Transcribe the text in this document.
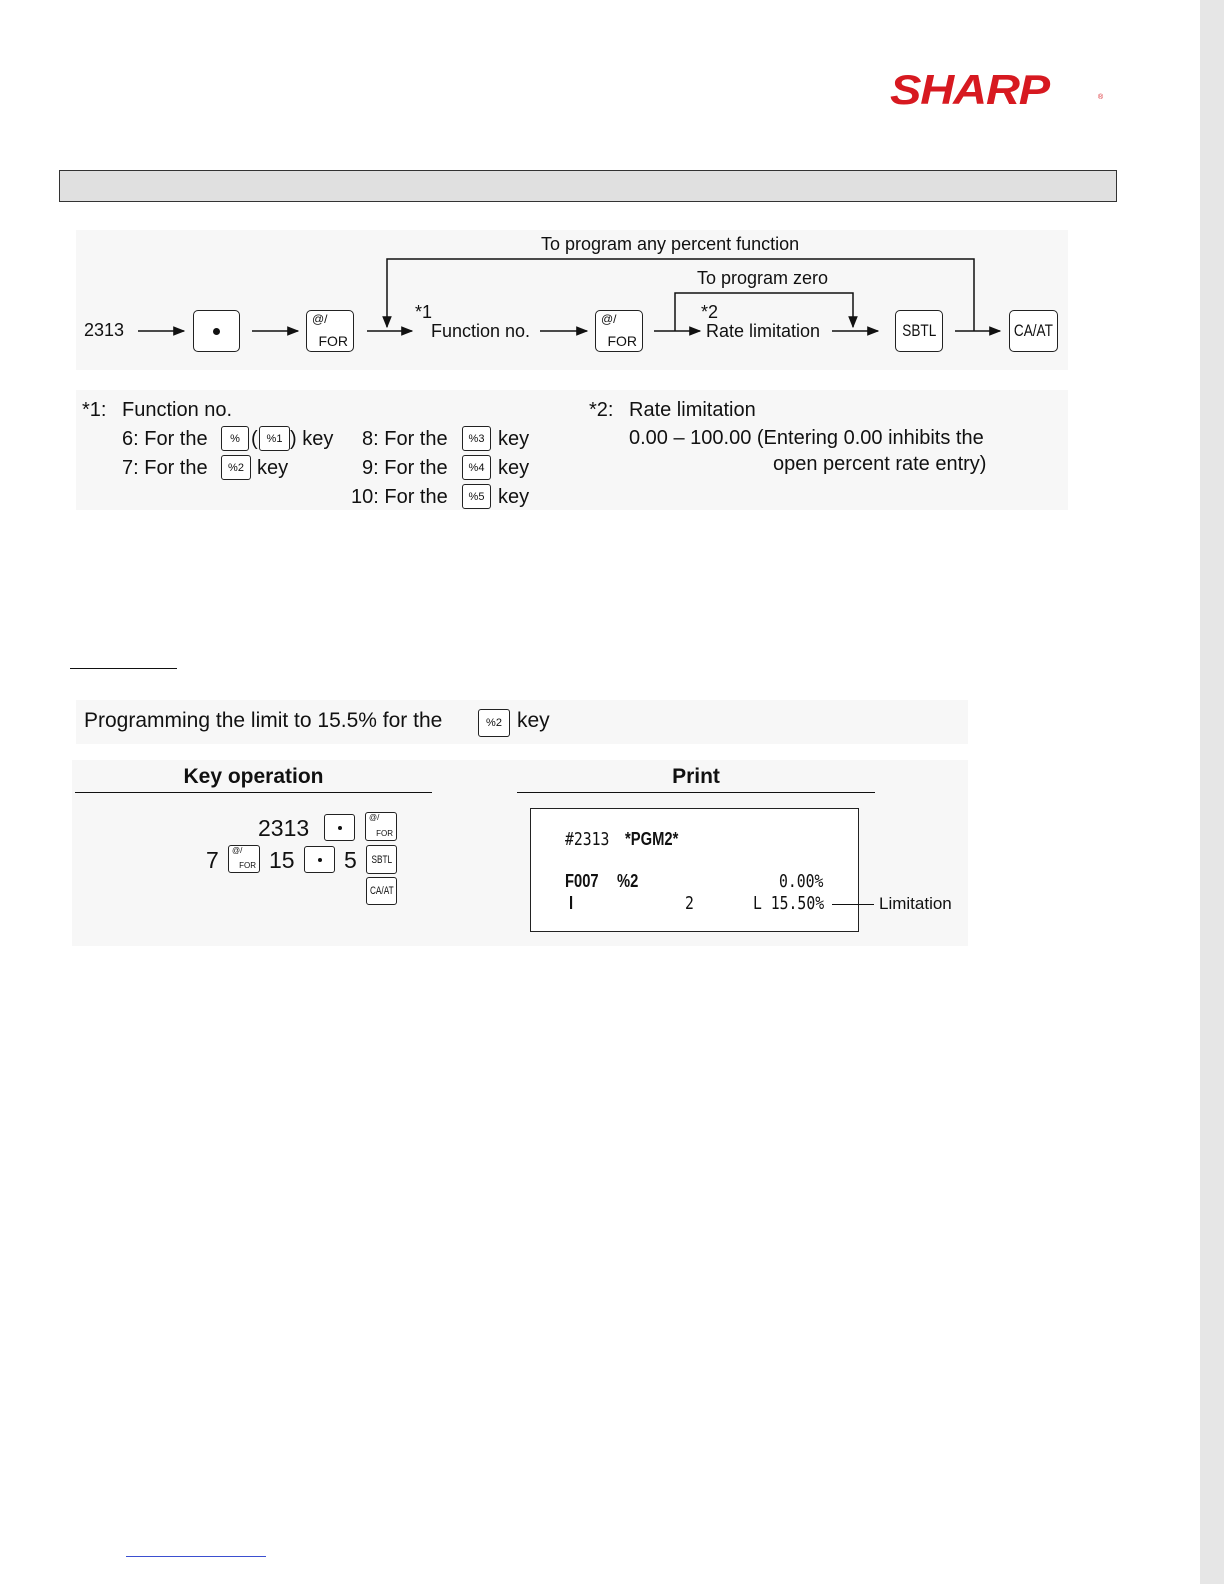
SHARP	®
To program any percent function
To program zero
2313
*1
Function no.
*2
Rate limitation
@/
FOR
@/
FOR
SBTL	CA/AT
*1: Function no.
6: For the % ( %1 ) key
7: For the %2 key
8: For the %3 key
9: For the %4 key
10: For the %5 key
*2: Rate limitation
0.00 – 100.00 (Entering 0.00 inhibits the
open percent rate entry)
Programming the limit to 15.5% for the	%2 key
Key operation	Print
2313	@/
FOR
7 @/
FOR 15 5 SBTL
CA/AT
#2313 *PGM2*
F007 %2	0.00%
I	2	L 15.50%	Limitation
